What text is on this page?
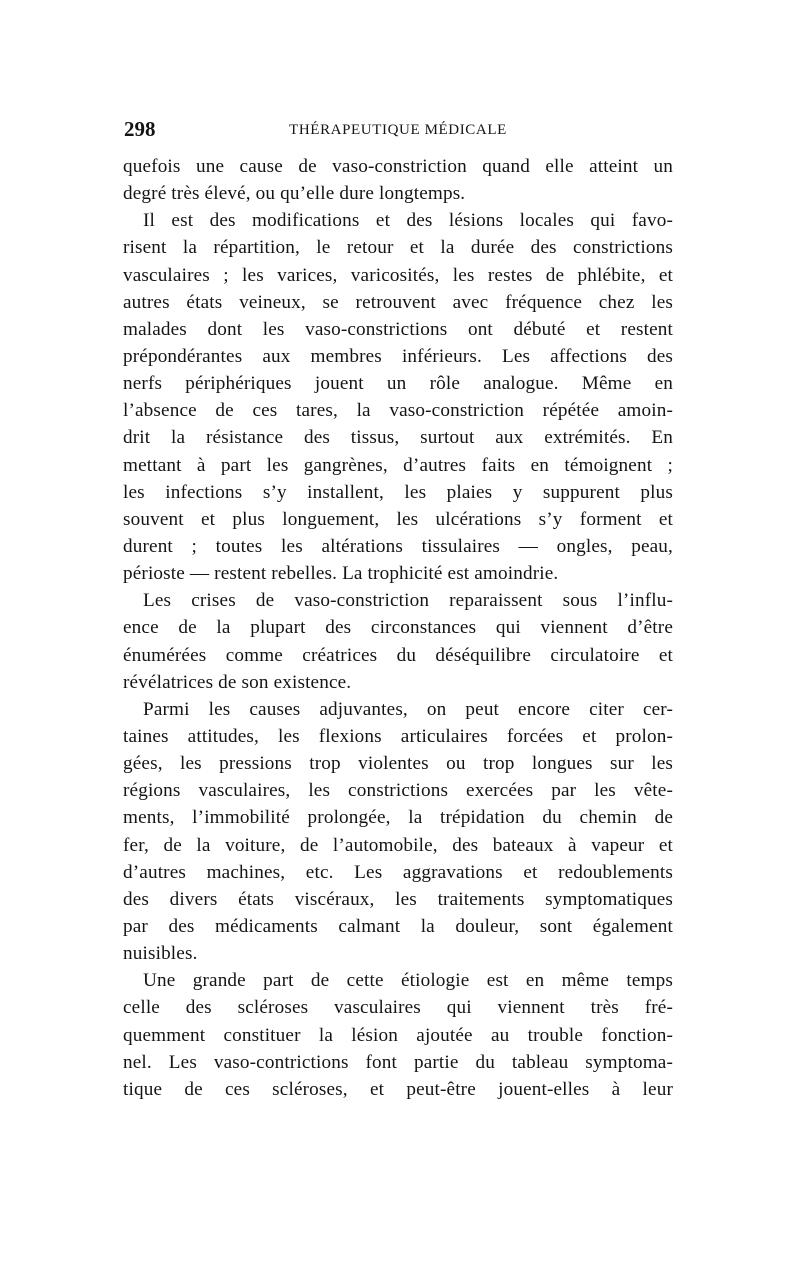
298	THÉRAPEUTIQUE MÉDICALE
quefois une cause de vaso-constriction quand elle atteint un
degré très élevé, ou qu’elle dure longtemps.
Il est des modifications et des lésions locales qui favo-
risent la répartition, le retour et la durée des constrictions
vasculaires ; les varices, varicosités, les restes de phlébite, et
autres états veineux, se retrouvent avec fréquence chez les
malades dont les vaso-constrictions ont débuté et restent
prépondérantes aux membres inférieurs. Les affections des
nerfs périphériques jouent un rôle analogue. Même en
l’absence de ces tares, la vaso-constriction répétée amoin-
drit la résistance des tissus, surtout aux extrémités. En
mettant à part les gangrènes, d’autres faits en témoignent ;
les infections s’y installent, les plaies y suppurent plus
souvent et plus longuement, les ulcérations s’y forment et
durent ; toutes les altérations tissulaires — ongles, peau,
périoste — restent rebelles. La trophicité est amoindrie.
Les crises de vaso-constriction reparaissent sous l’influ-
ence de la plupart des circonstances qui viennent d’être
énumérées comme créatrices du déséquilibre circulatoire et
révélatrices de son existence.
Parmi les causes adjuvantes, on peut encore citer cer-
taines attitudes, les flexions articulaires forcées et prolon-
gées, les pressions trop violentes ou trop longues sur les
régions vasculaires, les constrictions exercées par les vête-
ments, l’immobilité prolongée, la trépidation du chemin de
fer, de la voiture, de l’automobile, des bateaux à vapeur et
d’autres machines, etc. Les aggravations et redoublements
des divers états viscéraux, les traitements symptomatiques
par des médicaments calmant la douleur, sont également
nuisibles.
Une grande part de cette étiologie est en même temps
celle des scléroses vasculaires qui viennent très fré-
quemment constituer la lésion ajoutée au trouble fonction-
nel. Les vaso-contrictions font partie du tableau symptoma-
tique de ces scléroses, et peut-être jouent-elles à leur
